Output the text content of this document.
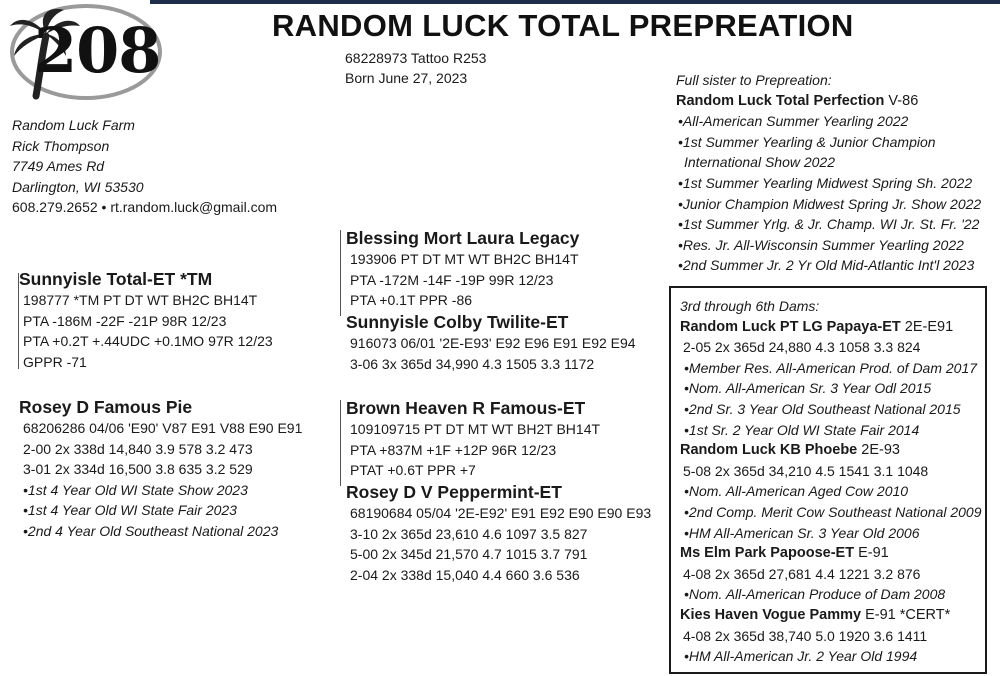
208	RANDOM LUCK TOTAL PREPREATION
68228973 Tattoo R253
Born June 27, 2023
Random Luck Farm
Rick Thompson
7749 Ames Rd
Darlington, WI 53530
608.279.2652 • rt.random.luck@gmail.com
Sunnyisle Total-ET *TM
198777 *TM PT DT WT BH2C BH14T
PTA -186M -22F -21P 98R 12/23
PTA +0.2T +.44UDC +0.1MO 97R 12/23
GPPR -71
Blessing Mort Laura Legacy
193906 PT DT MT WT BH2C BH14T
PTA -172M -14F -19P 99R 12/23
PTA +0.1T PPR -86
Sunnyisle Colby Twilite-ET
916073 06/01 '2E-E93' E92 E96 E91 E92 E94
3-06 3x 365d 34,990 4.3 1505 3.3 1172
Rosey D Famous Pie
68206286 04/06 'E90' V87 E91 V88 E90 E91
2-00 2x 338d 14,840 3.9 578 3.2 473
3-01 2x 334d 16,500 3.8 635 3.2 529
•1st 4 Year Old WI State Show 2023
•1st 4 Year Old WI State Fair 2023
•2nd 4 Year Old Southeast National 2023
Brown Heaven R Famous-ET
109109715 PT DT MT WT BH2T BH14T
PTA +837M +1F +12P 96R 12/23
PTAT +0.6T PPR +7
Rosey D V Peppermint-ET
68190684 05/04 '2E-E92' E91 E92 E90 E90 E93
3-10 2x 365d 23,610 4.6 1097 3.5 827
5-00 2x 345d 21,570 4.7 1015 3.7 791
2-04 2x 338d 15,040 4.4 660 3.6 536
Full sister to Prepreation:
Random Luck Total Perfection V-86
•All-American Summer Yearling 2022
•1st Summer Yearling & Junior Champion
International Show 2022
•1st Summer Yearling Midwest Spring Sh. 2022
•Junior Champion Midwest Spring Jr. Show 2022
•1st Summer Yrlg. & Jr. Champ. WI Jr. St. Fr. '22
•Res. Jr. All-Wisconsin Summer Yearling 2022
•2nd Summer Jr. 2 Yr Old Mid-Atlantic Int'l 2023
3rd through 6th Dams:
Random Luck PT LG Papaya-ET 2E-E91
2-05 2x 365d 24,880 4.3 1058 3.3 824
•Member Res. All-American Prod. of Dam 2017
•Nom. All-American Sr. 3 Year Odl 2015
•2nd Sr. 3 Year Old Southeast National 2015
•1st Sr. 2 Year Old WI State Fair 2014
Random Luck KB Phoebe 2E-93
5-08 2x 365d 34,210 4.5 1541 3.1 1048
•Nom. All-American Aged Cow 2010
•2nd Comp. Merit Cow Southeast National 2009
•HM All-American Sr. 3 Year Old 2006
Ms Elm Park Papoose-ET E-91
4-08 2x 365d 27,681 4.4 1221 3.2 876
•Nom. All-American Produce of Dam 2008
Kies Haven Vogue Pammy E-91 *CERT*
4-08 2x 365d 38,740 5.0 1920 3.6 1411
•HM All-American Jr. 2 Year Old 1994
